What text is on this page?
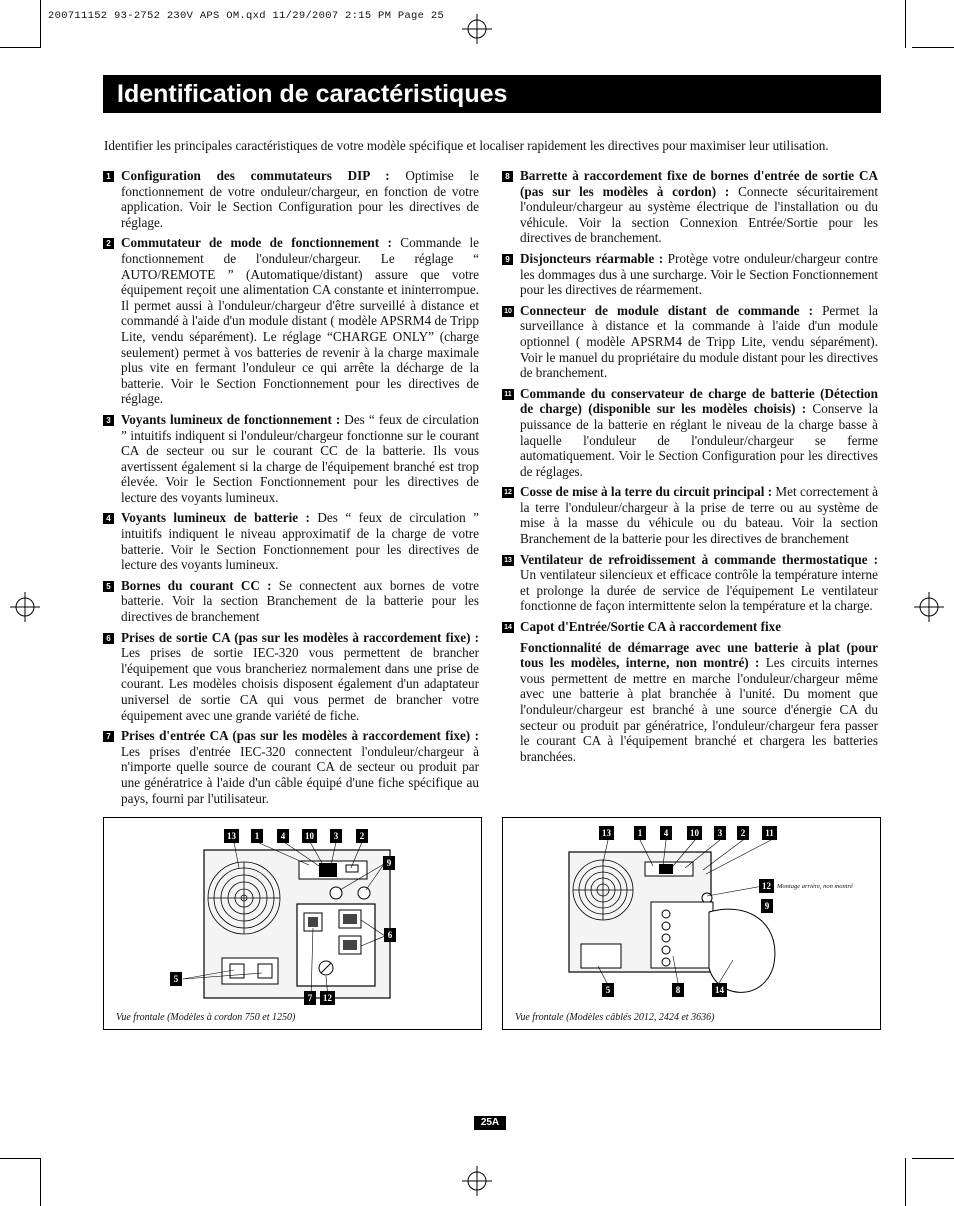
200711152 93-2752 230V APS OM.qxd 11/29/2007 2:15 PM Page 25
Identification de caractéristiques
Identifier les principales caractéristiques de votre modèle spécifique et localiser rapidement les directives pour maximiser leur utilisation.
1 Configuration des commutateurs DIP : Optimise le fonctionnement de votre onduleur/chargeur, en fonction de votre application. Voir le Section Configuration pour les directives de réglage.
2 Commutateur de mode de fonctionnement : Commande le fonctionnement de l'onduleur/chargeur. Le réglage “ AUTO/REMOTE ” (Automatique/distant) assure que votre équipement reçoit une alimentation CA constante et ininterrompue. Il permet aussi à l'onduleur/chargeur d'être surveillé à distance et commandé à l'aide d'un module distant ( modèle APSRM4 de Tripp Lite, vendu séparément). Le réglage “CHARGE ONLY” (charge seulement) permet à vos batteries de revenir à la charge maximale plus vite en fermant l'onduleur ce qui arrête la décharge de la batterie. Voir le Section Fonctionnement pour les directives de réglage.
3 Voyants lumineux de fonctionnement : Des “ feux de circulation ” intuitifs indiquent si l'onduleur/chargeur fonctionne sur le courant CA de secteur ou sur le courant CC de la batterie. Ils vous avertissent également si la charge de l'équipement branché est trop élevée. Voir le Section Fonctionnement pour les directives de lecture des voyants lumineux.
4 Voyants lumineux de batterie : Des “ feux de circulation ” intuitifs indiquent le niveau approximatif de la charge de votre batterie. Voir le Section Fonctionnement pour les directives de lecture des voyants lumineux.
5 Bornes du courant CC : Se connectent aux bornes de votre batterie. Voir la section Branchement de la batterie pour les directives de branchement
6 Prises de sortie CA (pas sur les modèles à raccordement fixe) : Les prises de sortie IEC-320 vous permettent de brancher l'équipement que vous brancheriez normalement dans une prise de courant. Les modèles choisis disposent également d'un adaptateur universel de sortie CA qui vous permet de brancher votre équipement avec une grande variété de fiche.
7 Prises d'entrée CA (pas sur les modèles à raccordement fixe) : Les prises d'entrée IEC-320 connectent l'onduleur/chargeur à n'importe quelle source de courant CA de secteur ou produit par une génératrice à l'aide d'un câble équipé d'une fiche spécifique au pays, fourni par l'utilisateur.
8 Barrette à raccordement fixe de bornes d'entrée de sortie CA (pas sur les modèles à cordon) : Connecte sécuritairement l'onduleur/chargeur au système électrique de l'installation ou du véhicule. Voir la section Connexion Entrée/Sortie pour les directives de branchement.
9 Disjoncteurs réarmable : Protège votre onduleur/chargeur contre les dommages dus à une surcharge. Voir le Section Fonctionnement pour les directives de réarmement.
10 Connecteur de module distant de commande : Permet la surveillance à distance et la commande à l'aide d'un module optionnel ( modèle APSRM4 de Tripp Lite, vendu séparément). Voir le manuel du propriétaire du module distant pour les directives de branchement.
11 Commande du conservateur de charge de batterie (Détection de charge) (disponible sur les modèles choisis) : Conserve la puissance de la batterie en réglant le niveau de la charge basse à laquelle l'onduleur de l'onduleur/chargeur se ferme automatiquement. Voir le Section Configuration pour les directives de réglages.
12 Cosse de mise à la terre du circuit principal : Met correctement à la terre l'onduleur/chargeur à la prise de terre ou au système de mise à la masse du véhicule ou du bateau. Voir la section Branchement de la batterie pour les directives de branchement
13 Ventilateur de refroidissement à commande thermostatique : Un ventilateur silencieux et efficace contrôle la température interne et prolonge la durée de service de l'équipement Le ventilateur fonctionne de façon intermittente selon la température et la charge.
14 Capot d'Entrée/Sortie CA à raccordement fixe
Fonctionnalité de démarrage avec une batterie à plat (pour tous les modèles, interne, non montré) : Les circuits internes vous permettent de mettre en marche l'onduleur/chargeur même avec une batterie à plat branchée à l'unité. Du moment que l'onduleur/chargeur est branché à une source d'énergie CA du secteur ou produit par génératrice, l'onduleur/chargeur fera passer le courant CA à l'équipement branché et chargera les batteries branchées.
13	1	4	10	3	2
9
6
5
7	12
Vue frontale (Modèles à cordon 750 et 1250)
13	1	4	10	3	2	11
12 Montage arrière, non montré
9
5	8	14
Vue frontale (Modèles câblés 2012, 2424 et 3636)
25A
